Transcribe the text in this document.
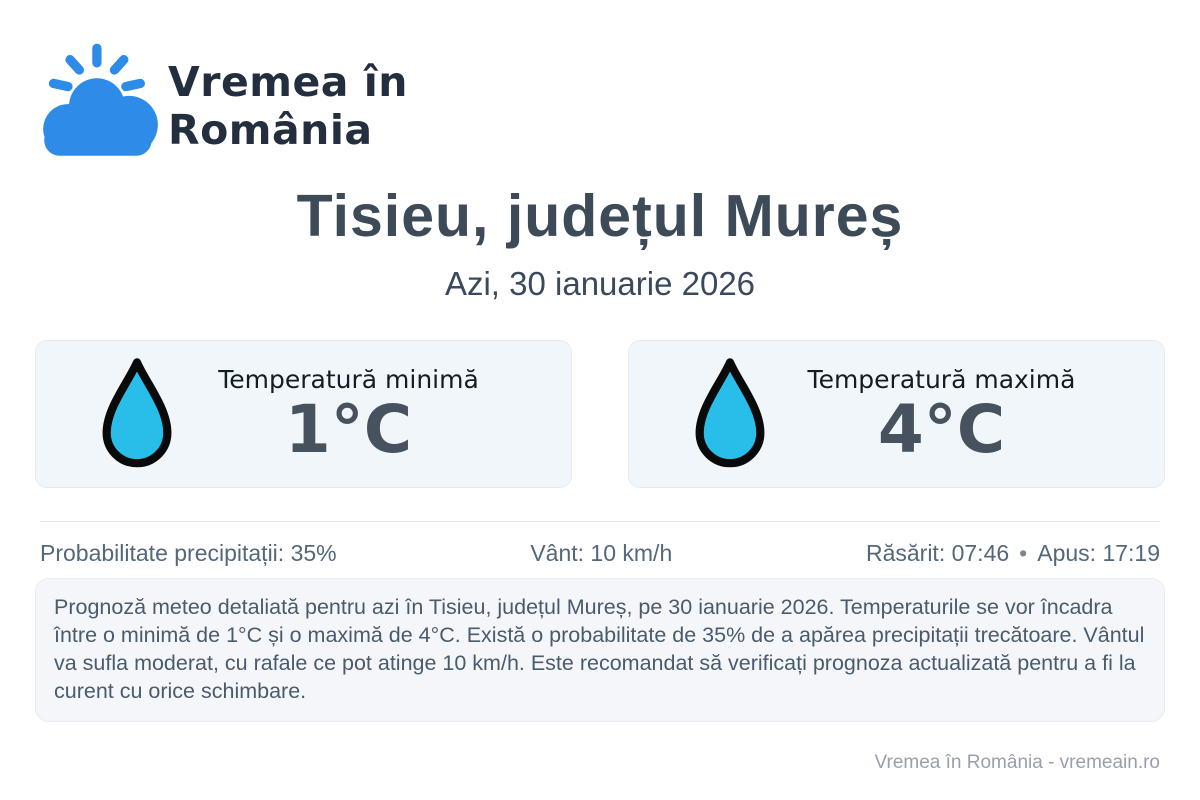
Vremea în
România
Tisieu, județul Mureș
Azi, 30 ianuarie 2026
Temperatură minimă
1°C
Temperatură maximă
4°C
Probabilitate precipitații: 35%	Vânt: 10 km/h	Răsărit: 07:46 • Apus: 17:19
Prognoză meteo detaliată pentru azi în Tisieu, județul Mureș, pe 30 ianuarie 2026. Temperaturile se vor încadra între o minimă de 1°C și o maximă de 4°C. Există o probabilitate de 35% de a apărea precipitații trecătoare. Vântul va sufla moderat, cu rafale ce pot atinge 10 km/h. Este recomandat să verificați prognoza actualizată pentru a fi la curent cu orice schimbare.
Vremea în România - vremeain.ro
